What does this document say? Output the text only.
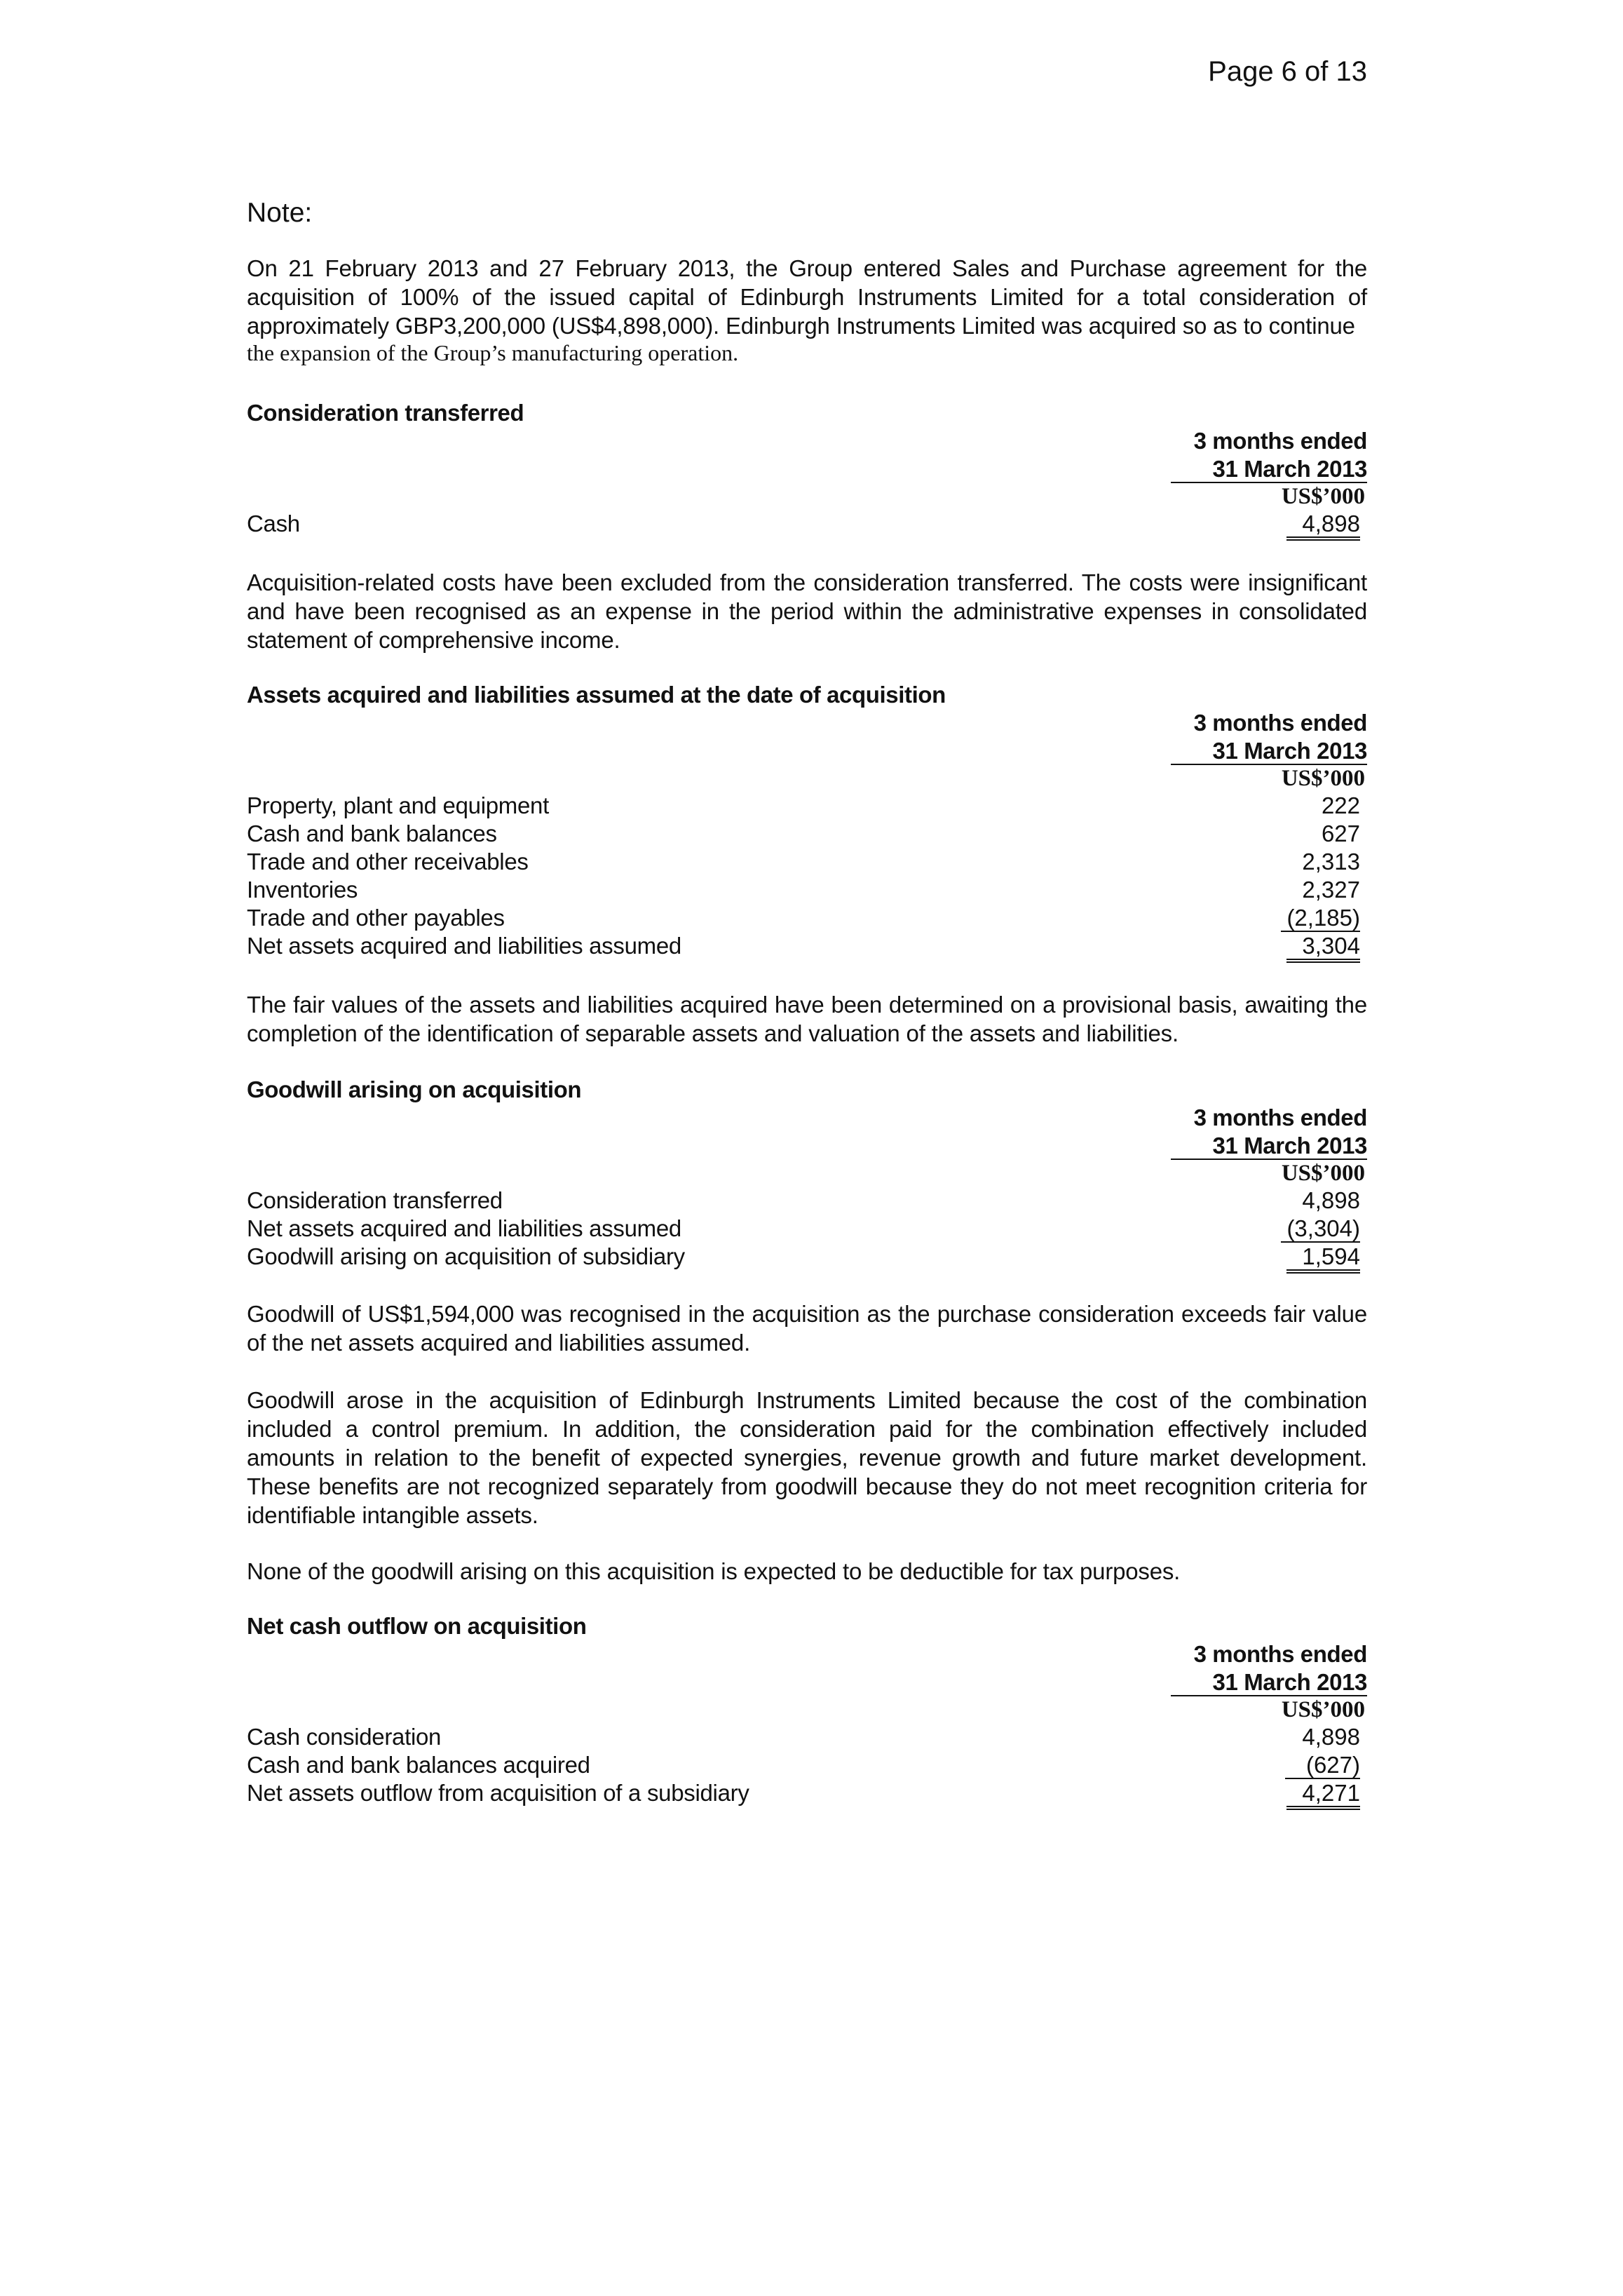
Page 6 of 13
Note:
On 21 February 2013 and 27 February 2013, the Group entered Sales and Purchase agreement for the acquisition of 100% of the issued capital of Edinburgh Instruments Limited for a total consideration of approximately GBP3,200,000 (US$4,898,000). Edinburgh Instruments Limited was acquired so as to continue
the expansion of the Group’s manufacturing operation.
Consideration transferred
3 months ended
31 March 2013
US$’000
Cash	4,898
Acquisition-related costs have been excluded from the consideration transferred. The costs were insignificant and have been recognised as an expense in the period within the administrative expenses in consolidated statement of comprehensive income.
Assets acquired and liabilities assumed at the date of acquisition
3 months ended
31 March 2013
US$’000
Property, plant and equipment	222
Cash and bank balances	627
Trade and other receivables	2,313
Inventories	2,327
Trade and other payables	(2,185)
Net assets acquired and liabilities assumed	3,304
The fair values of the assets and liabilities acquired have been determined on a provisional basis, awaiting the completion of the identification of separable assets and valuation of the assets and liabilities.
Goodwill arising on acquisition
3 months ended
31 March 2013
US$’000
Consideration transferred	4,898
Net assets acquired and liabilities assumed	(3,304)
Goodwill arising on acquisition of subsidiary	1,594
Goodwill of US$1,594,000 was recognised in the acquisition as the purchase consideration exceeds fair value of the net assets acquired and liabilities assumed.
Goodwill arose in the acquisition of Edinburgh Instruments Limited because the cost of the combination included a control premium. In addition, the consideration paid for the combination effectively included amounts in relation to the benefit of expected synergies, revenue growth and future market development. These benefits are not recognized separately from goodwill because they do not meet recognition criteria for identifiable intangible assets.
None of the goodwill arising on this acquisition is expected to be deductible for tax purposes.
Net cash outflow on acquisition
3 months ended
31 March 2013
US$’000
Cash consideration	4,898
Cash and bank balances acquired	(627)
Net assets outflow from acquisition of a subsidiary	4,271
